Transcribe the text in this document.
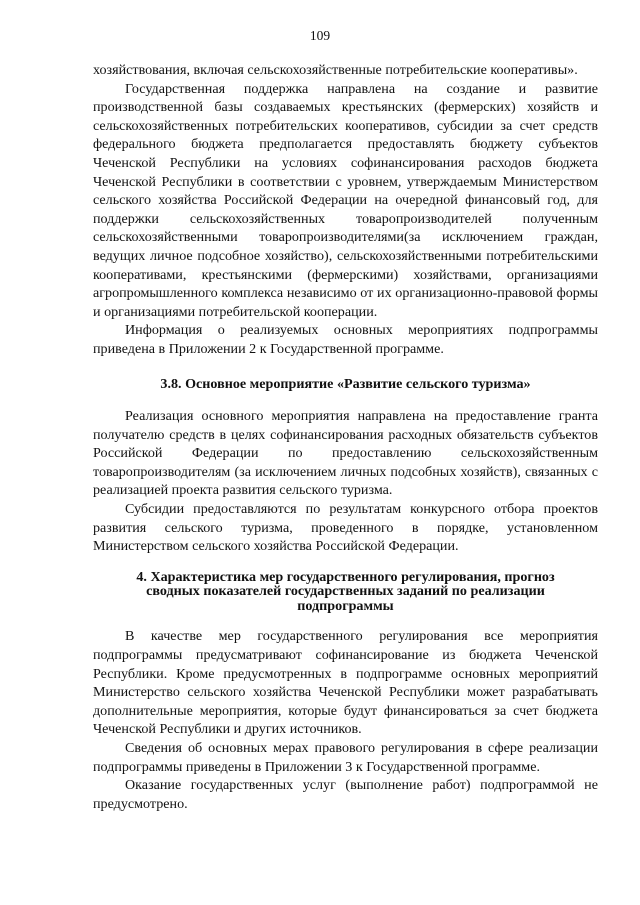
109

хозяйствования, включая сельскохозяйственные потребительские кооперативы».

Государственная поддержка направлена на создание и развитие производственной базы создаваемых крестьянских (фермерских) хозяйств и сельскохозяйственных потребительских кооперативов, субсидии за счет средств федерального бюджета предполагается предоставлять бюджету субъектов Чеченской Республики на условиях софинансирования расходов бюджета Чеченской Республики в соответствии с уровнем, утверждаемым Министерством сельского хозяйства Российской Федерации на очередной финансовый год, для поддержки сельскохозяйственных товаропроизводителей полученным сельскохозяйственными товаропроизводителями(за исключением граждан, ведущих личное подсобное хозяйство), сельскохозяйственными потребительскими кооперативами, крестьянскими (фермерскими) хозяйствами, организациями агропромышленного комплекса независимо от их организационно-правовой формы и организациями потребительской кооперации.

Информация о реализуемых основных мероприятиях подпрограммы приведена в Приложении 2 к Государственной программе.

3.8. Основное мероприятие «Развитие сельского туризма»

Реализация основного мероприятия направлена на предоставление гранта получателю средств в целях софинансирования расходных обязательств субъектов Российской Федерации по предоставлению сельскохозяйственным товаропроизводителям (за исключением личных подсобных хозяйств), связанных с реализацией проекта развития сельского туризма.

Субсидии предоставляются по результатам конкурсного отбора проектов развития сельского туризма, проведенного в порядке, установленном Министерством сельского хозяйства Российской Федерации.

4. Характеристика мер государственного регулирования, прогноз
сводных показателей государственных заданий по реализации
подпрограммы

В качестве мер государственного регулирования все мероприятия подпрограммы предусматривают софинансирование из бюджета Чеченской Республики. Кроме предусмотренных в подпрограмме основных мероприятий Министерство сельского хозяйства Чеченской Республики может разрабатывать дополнительные мероприятия, которые будут финансироваться за счет бюджета Чеченской Республики и других источников.

Сведения об основных мерах правового регулирования в сфере реализации подпрограммы приведены в Приложении 3 к Государственной программе.

Оказание государственных услуг (выполнение работ) подпрограммой не предусмотрено.
